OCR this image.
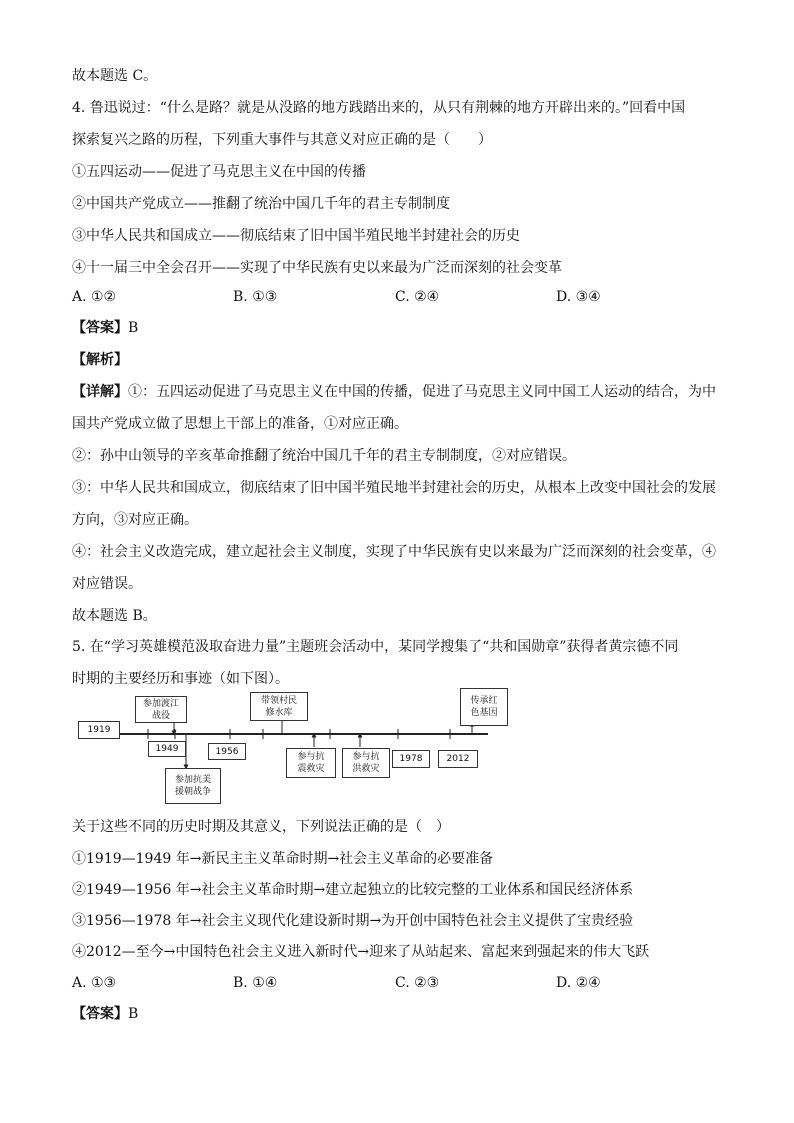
故本题选 C。
4. 鲁迅说过：“什么是路？就是从没路的地方践踏出来的，从只有荆棘的地方开辟出来的。”回看中国
探索复兴之路的历程，下列重大事件与其意义对应正确的是（　　）
①五四运动——促进了马克思主义在中国的传播
②中国共产党成立——推翻了统治中国几千年的君主专制制度
③中华人民共和国成立——彻底结束了旧中国半殖民地半封建社会的历史
④十一届三中全会召开——实现了中华民族有史以来最为广泛而深刻的社会变革
A. ①②	B. ①③	C. ②④	D. ③④
【答案】B
【解析】
【详解】①：五四运动促进了马克思主义在中国的传播，促进了马克思主义同中国工人运动的结合，为中
国共产党成立做了思想上干部上的准备，①对应正确。
②：孙中山领导的辛亥革命推翻了统治中国几千年的君主专制制度，②对应错误。
③：中华人民共和国成立，彻底结束了旧中国半殖民地半封建社会的历史，从根本上改变中国社会的发展
方向，③对应正确。
④：社会主义改造完成，建立起社会主义制度，实现了中华民族有史以来最为广泛而深刻的社会变革，④
对应错误。
故本题选 B。
5. 在“学习英雄模范汲取奋进力量”主题班会活动中，某同学搜集了“共和国勋章”获得者黄宗德不同
时期的主要经历和事迹（如下图）。
1919
1949	1956
1978	2012
参加渡江战役
参加抗美援朝战争
带领村民修水库
参与抗震救灾
参与抗洪救灾
传承红色基因
关于这些不同的历史时期及其意义，下列说法正确的是（　）
①1919—1949 年→新民主主义革命时期→社会主义革命的必要准备
②1949—1956 年→社会主义革命时期→建立起独立的比较完整的工业体系和国民经济体系
③1956—1978 年→社会主义现代化建设新时期→为开创中国特色社会主义提供了宝贵经验
④2012—至今→中国特色社会主义进入新时代→迎来了从站起来、富起来到强起来的伟大飞跃
A. ①③	B. ①④	C. ②③	D. ②④
【答案】B
